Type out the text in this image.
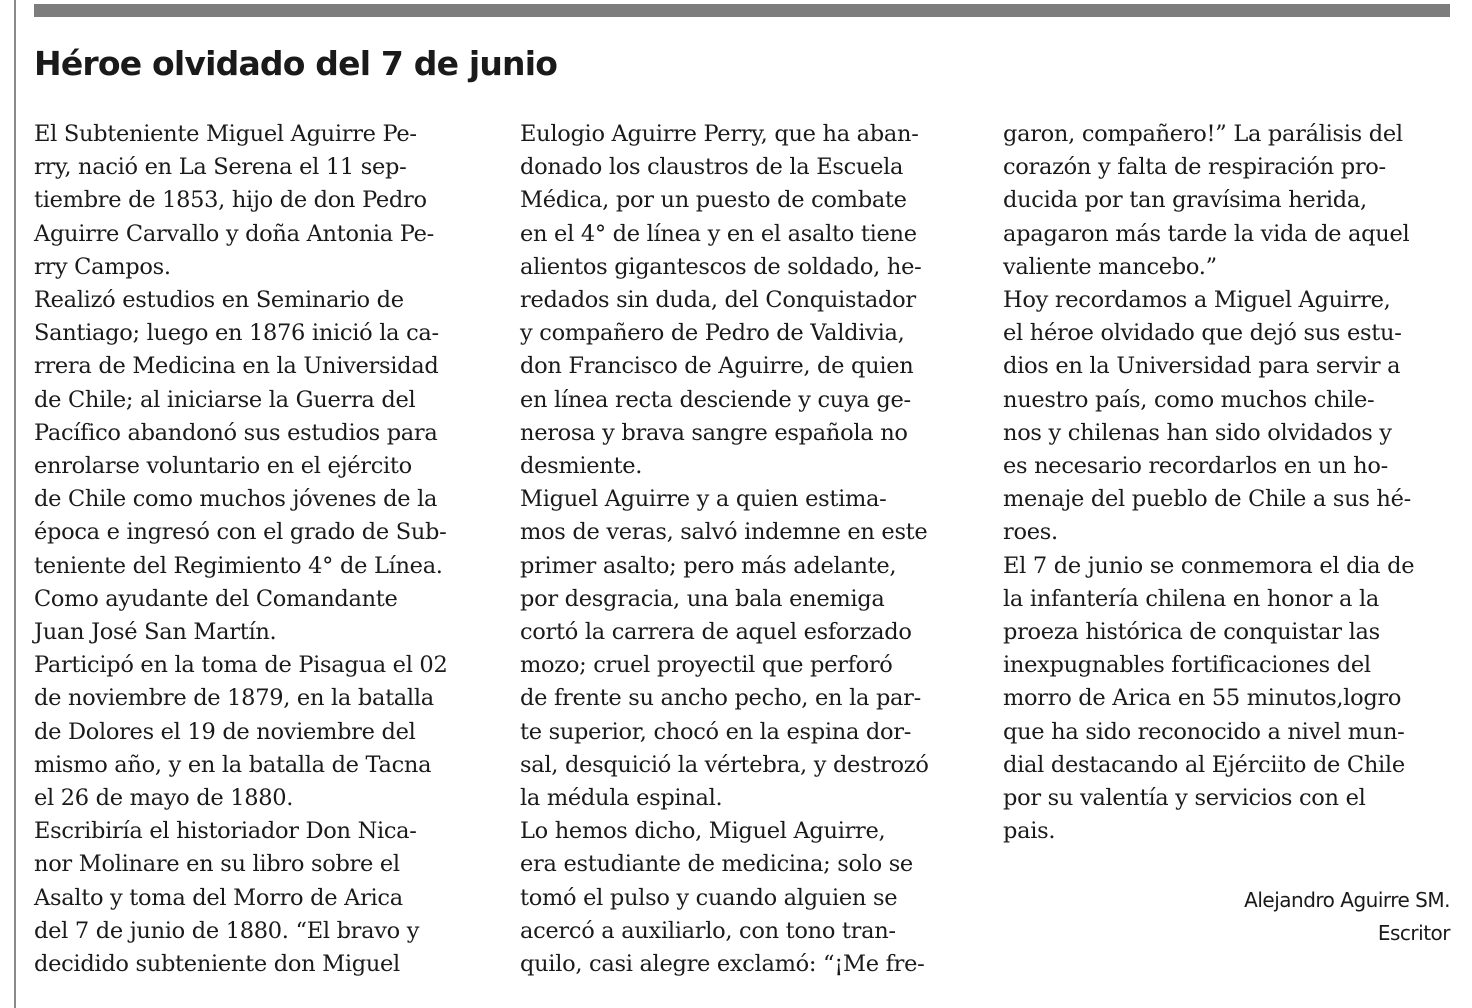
Héroe olvidado del 7 de junio
El Subteniente Miguel Aguirre Pe-
rry, nació en La Serena el 11 sep-
tiembre de 1853, hijo de don Pedro
Aguirre Carvallo y doña Antonia Pe-
rry Campos.
Realizó estudios en Seminario de
Santiago; luego en 1876 inició la ca-
rrera de Medicina en la Universidad
de Chile; al iniciarse la Guerra del
Pacífico abandonó sus estudios para
enrolarse voluntario en el ejército
de Chile como muchos jóvenes de la
época e ingresó con el grado de Sub-
teniente del Regimiento 4° de Línea.
Como ayudante del Comandante
Juan José San Martín.
Participó en la toma de Pisagua el 02
de noviembre de 1879, en la batalla
de Dolores el 19 de noviembre del
mismo año, y en la batalla de Tacna
el 26 de mayo de 1880.
Escribiría el historiador Don Nica-
nor Molinare en su libro sobre el
Asalto y toma del Morro de Arica
del 7 de junio de 1880. “El bravo y
decidido subteniente don Miguel
Eulogio Aguirre Perry, que ha aban-
donado los claustros de la Escuela
Médica, por un puesto de combate
en el 4° de línea y en el asalto tiene
alientos gigantescos de soldado, he-
redados sin duda, del Conquistador
y compañero de Pedro de Valdivia,
don Francisco de Aguirre, de quien
en línea recta desciende y cuya ge-
nerosa y brava sangre española no
desmiente.
Miguel Aguirre y a quien estima-
mos de veras, salvó indemne en este
primer asalto; pero más adelante,
por desgracia, una bala enemiga
cortó la carrera de aquel esforzado
mozo; cruel proyectil que perforó
de frente su ancho pecho, en la par-
te superior, chocó en la espina dor-
sal, desquició la vértebra, y destrozó
la médula espinal.
Lo hemos dicho, Miguel Aguirre,
era estudiante de medicina; solo se
tomó el pulso y cuando alguien se
acercó a auxiliarlo, con tono tran-
quilo, casi alegre exclamó: “¡Me fre-
garon, compañero!” La parálisis del
corazón y falta de respiración pro-
ducida por tan gravísima herida,
apagaron más tarde la vida de aquel
valiente mancebo.”
Hoy recordamos a Miguel Aguirre,
el héroe olvidado que dejó sus estu-
dios en la Universidad para servir a
nuestro país, como muchos chile-
nos y chilenas han sido olvidados y
es necesario recordarlos en un ho-
menaje del pueblo de Chile a sus hé-
roes.
El 7 de junio se conmemora el dia de
la infantería chilena en honor a la
proeza histórica de conquistar las
inexpugnables fortificaciones del
morro de Arica en 55 minutos,logro
que ha sido reconocido a nivel mun-
dial destacando al Ejérciito de Chile
por su valentía y servicios con el
pais.
Alejandro Aguirre SM.
Escritor
